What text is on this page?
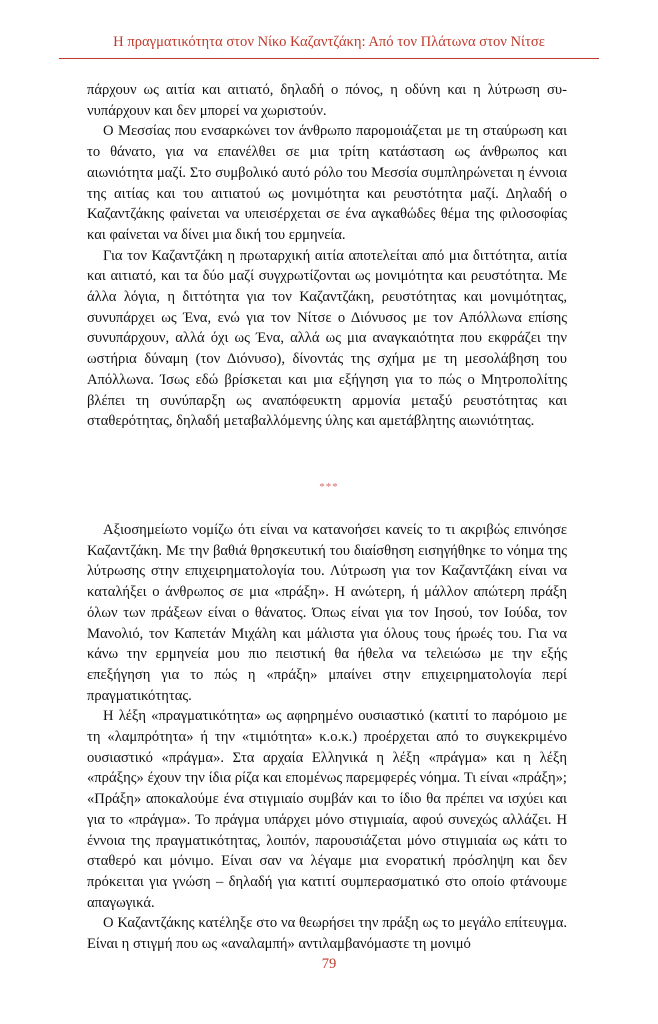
Η πραγματικότητα στον Νίκο Καζαντζάκη: Από τον Πλάτωνα στον Νίτσε

πάρχουν ως αιτία και αιτιατό, δηλαδή ο πόνος, η οδύνη και η λύτρωση συνυπάρχουν και δεν μπορεί να χωριστούν.

Ο Μεσσίας που ενσαρκώνει τον άνθρωπο παρομοιάζεται με τη σταύρωση και το θάνατο, για να επανέλθει σε μια τρίτη κατάσταση ως άνθρωπος και αιωνιότητα μαζί. Στο συμβολικό αυτό ρόλο του Μεσσία συμπληρώνεται η έννοια της αιτίας και του αιτιατού ως μονιμότητα και ρευστότητα μαζί. Δηλαδή ο Καζαντζάκης φαίνεται να υπεισέρχεται σε ένα αγκαθώδες θέμα της φιλοσοφίας και φαίνεται να δίνει μια δική του ερμηνεία.

Για τον Καζαντζάκη η πρωταρχική αιτία αποτελείται από μια διττότητα, αιτία και αιτιατό, και τα δύο μαζί συγχρωτίζονται ως μονιμότητα και ρευστότητα. Με άλλα λόγια, η διττότητα για τον Καζαντζάκη, ρευστότητας και μονιμότητας, συνυπάρχει ως Ένα, ενώ για τον Νίτσε ο Διόνυσος με τον Απόλλωνα επίσης συνυπάρχουν, αλλά όχι ως Ένα, αλλά ως μια αναγκαιότητα που εκφράζει την ωστήρια δύναμη (τον Διόνυσο), δίνοντάς της σχήμα με τη μεσολάβηση του Απόλλωνα. Ίσως εδώ βρίσκεται και μια εξήγηση για το πώς ο Μητροπολίτης βλέπει τη συνύπαρξη ως αναπόφευκτη αρμονία μεταξύ ρευστότητας και σταθερότητας, δηλαδή μεταβαλλόμενης ύλης και αμετάβλητης αιωνιότητας.

***

Αξιοσημείωτο νομίζω ότι είναι να κατανοήσει κανείς το τι ακριβώς επινόησε Καζαντζάκη. Με την βαθιά θρησκευτική του διαίσθηση εισηγήθηκε το νόημα της λύτρωσης στην επιχειρηματολογία του. Λύτρωση για τον Καζαντζάκη είναι να καταλήξει ο άνθρωπος σε μια «πράξη». Η ανώτερη, ή μάλλον απώτερη πράξη όλων των πράξεων είναι ο θάνατος. Όπως είναι για τον Ιησού, τον Ιούδα, τον Μανολιό, τον Καπετάν Μιχάλη και μάλιστα για όλους τους ήρωές του. Για να κάνω την ερμηνεία μου πιο πειστική θα ήθελα να τελειώσω με την εξής επεξήγηση για το πώς η «πράξη» μπαίνει στην επιχειρηματολογία περί πραγματικότητας.

Η λέξη «πραγματικότητα» ως αφηρημένο ουσιαστικό (κατιτί το παρόμοιο με τη «λαμπρότητα» ή την «τιμιότητα» κ.ο.κ.) προέρχεται από το συγκεκριμένο ουσιαστικό «πράγμα». Στα αρχαία Ελληνικά η λέξη «πράγμα» και η λέξη «πράξης» έχουν την ίδια ρίζα και επομένως παρεμφερές νόημα. Τι είναι «πράξη»; «Πράξη» αποκαλούμε ένα στιγμιαίο συμβάν και το ίδιο θα πρέπει να ισχύει και για το «πράγμα». Το πράγμα υπάρχει μόνο στιγμιαία, αφού συνεχώς αλλάζει. Η έννοια της πραγματικότητας, λοιπόν, παρουσιάζεται μόνο στιγμιαία ως κάτι το σταθερό και μόνιμο. Είναι σαν να λέγαμε μια ενορατική πρόσληψη και δεν πρόκειται για γνώση – δηλαδή για κατιτί συμπερασματικό στο οποίο φτάνουμε απαγωγικά.

Ο Καζαντζάκης κατέληξε στο να θεωρήσει την πράξη ως το μεγάλο επίτευγμα. Είναι η στιγμή που ως «αναλαμπή» αντιλαμβανόμαστε τη μονιμό

79
